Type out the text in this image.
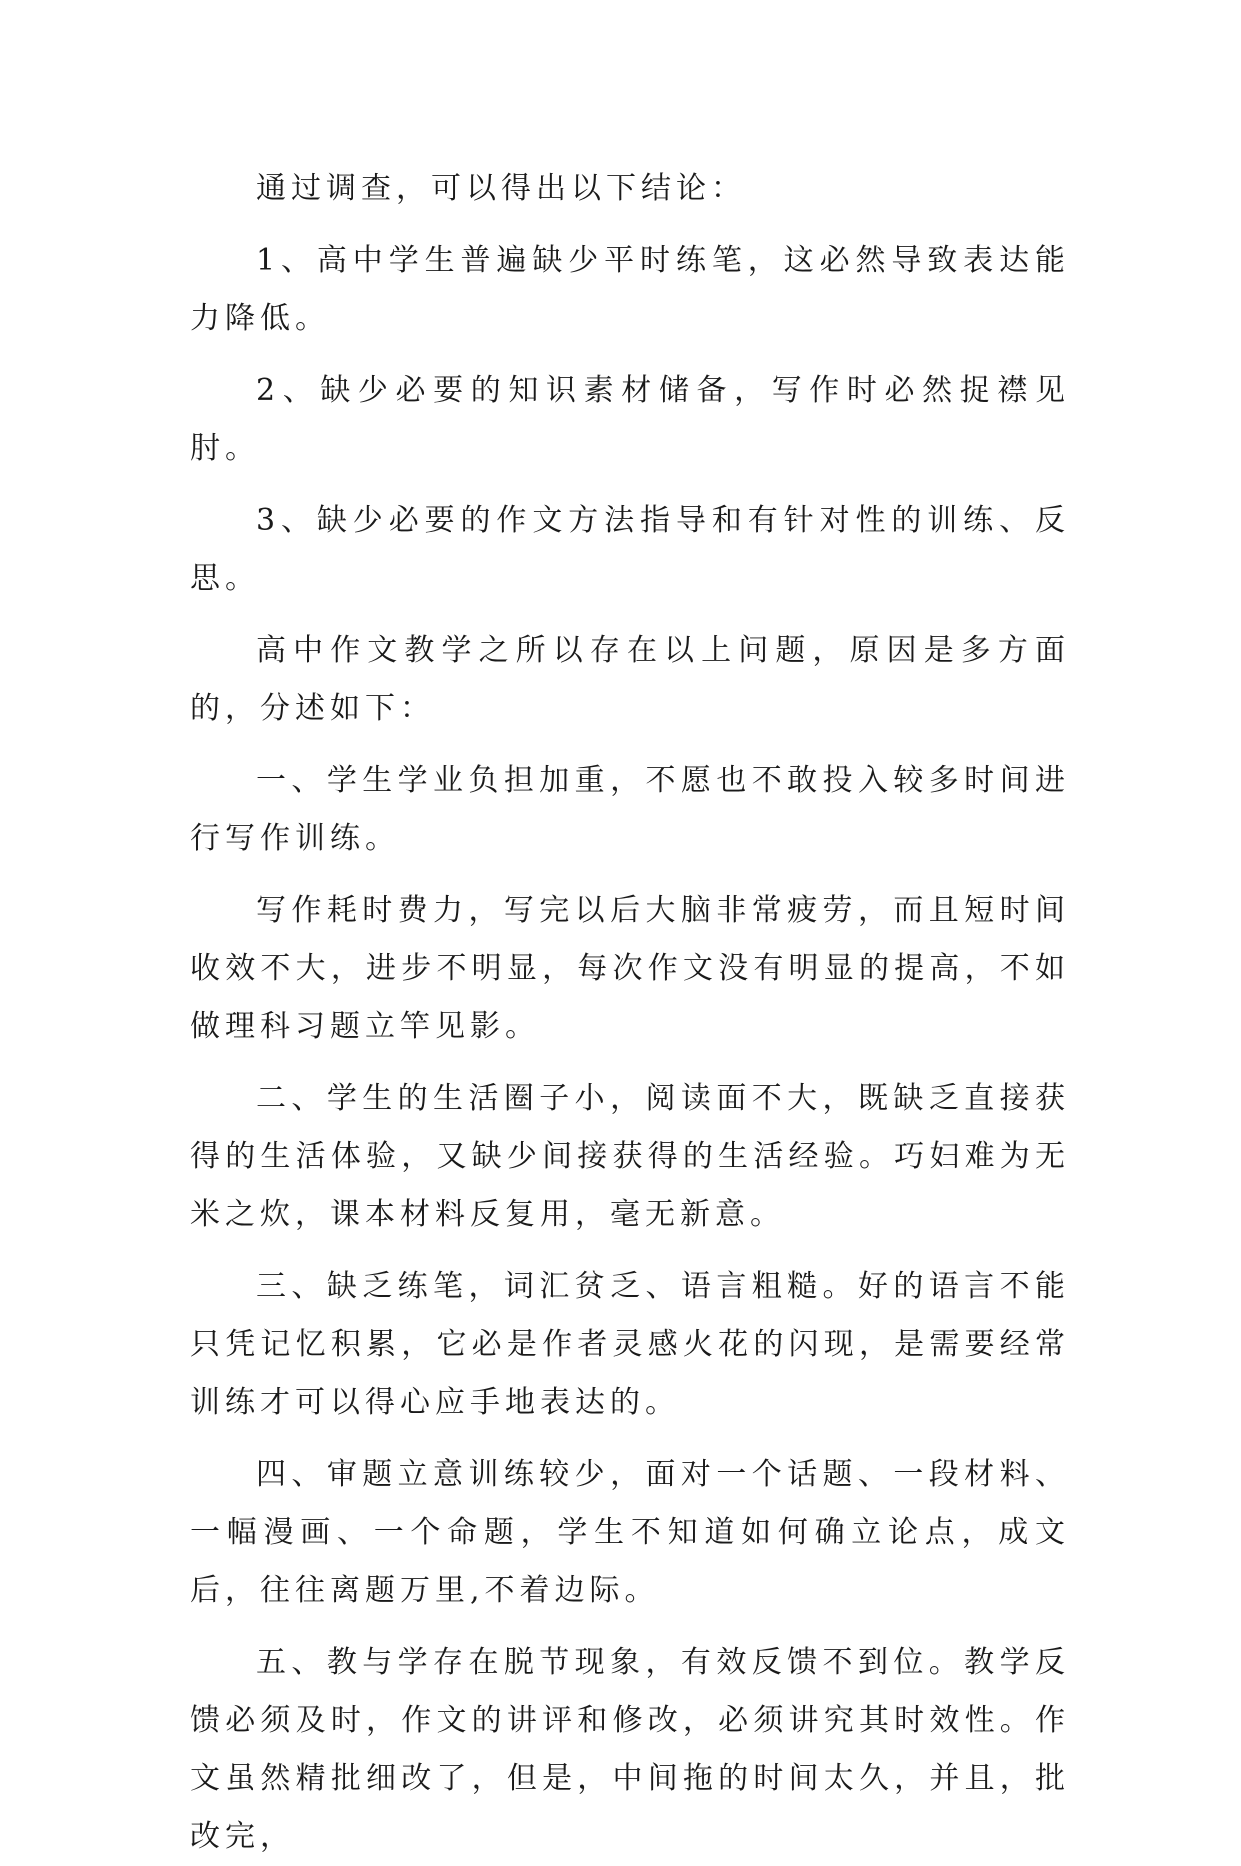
通过调查，可以得出以下结论：

1、高中学生普遍缺少平时练笔，这必然导致表达能力降低。

2、缺少必要的知识素材储备，写作时必然捉襟见肘。

3、缺少必要的作文方法指导和有针对性的训练、反思。

高中作文教学之所以存在以上问题，原因是多方面的，分述如下：

一、学生学业负担加重，不愿也不敢投入较多时间进行写作训练。

写作耗时费力，写完以后大脑非常疲劳，而且短时间收效不大，进步不明显，每次作文没有明显的提高，不如做理科习题立竿见影。

二、学生的生活圈子小，阅读面不大，既缺乏直接获得的生活体验，又缺少间接获得的生活经验。巧妇难为无米之炊，课本材料反复用，毫无新意。

三、缺乏练笔，词汇贫乏、语言粗糙。好的语言不能只凭记忆积累，它必是作者灵感火花的闪现，是需要经常训练才可以得心应手地表达的。

四、审题立意训练较少，面对一个话题、一段材料、一幅漫画、一个命题，学生不知道如何确立论点，成文后，往往离题万里,不着边际。

五、教与学存在脱节现象，有效反馈不到位。教学反馈必须及时，作文的讲评和修改，必须讲究其时效性。作文虽然精批细改了，但是，中间拖的时间太久，并且，批改完，
